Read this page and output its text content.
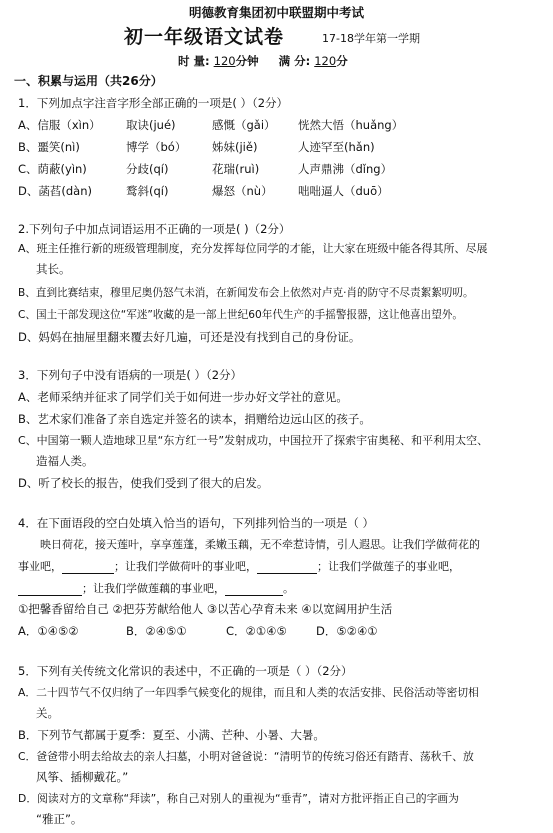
明德教育集团初中联盟期中考试
初一年级语文试卷	17-18学年第一学期
时 量: 120分钟 满 分: 120分
一、积累与运用（共26分）
1．下列加点字注音字形全部正确的一项是( ）（2分）
A、信服（xìn） 取诀(jué)	感慨（gǎi） 恍然大悟（huǎng）
B、噩笑(nì)	博学（bó） 姊妹(jiě)	人迹罕至(hǎn)
C、荫蔽(yìn)	分歧(qí)	花瑞(ruì)	人声鼎沸（dǐng）
D、菡萏(dàn)	鹜斜(qí)	爆怒（nù） 咄咄逼人（duō）
2.下列句子中加点词语运用不正确的一项是( )（2分）
A、班主任推行新的班级管理制度，充分发挥每位同学的才能，让大家在班级中能各得其所、尽展
其长。
B、直到比赛结束，穆里尼奥仍怒气未消，在新闻发布会上依然对卢克·肖的防守不尽责絮絮叨叨。
C、国土干部发现这位“军迷”收藏的是一部上世纪60年代生产的手摇警报器，这让他喜出望外。
D、妈妈在抽屉里翻来覆去好几遍，可还是没有找到自己的身份证。
3．下列句子中没有语病的一项是( ）（2分）
A、老师采纳并征求了同学们关于如何进一步办好文学社的意见。
B、艺术家们准备了亲自选定并签名的读本，捐赠给边远山区的孩子。
C、中国第一颗人造地球卫星“东方红一号”发射成功，中国拉开了探索宇宙奥秘、和平利用太空、
造福人类。
D、听了校长的报告，使我们受到了很大的启发。
4．在下面语段的空白处填入恰当的语句，下列排列恰当的一项是（ ）
映日荷花，接天莲叶，享享莲蓬，柔嫩玉藕，无不牵惹诗情，引人遐思。让我们学做荷花的
事业吧，	；让我们学做荷叶的事业吧，	；让我们学做莲子的事业吧，
；让我们学做莲藕的事业吧，	。
①把馨香留给自己 ②把芬芳献给他人 ③以苦心孕育未来 ④以宽阔用护生活
A．①④⑤②	B．②④⑤①	C．②①④⑤	D．⑤②④①
5．下列有关传统文化常识的表述中，不正确的一项是（ ）（2分）
A．二十四节气不仅归纳了一年四季气候变化的规律，而且和人类的农活安排、民俗活动等密切相
关。
B．下列节气都属于夏季：夏至、小满、芒种、小暑、大暑。
C．爸爸带小明去给故去的亲人扫墓，小明对爸爸说：“清明节的传统习俗还有踏青、荡秋千、放
风筝、插柳戴花。”
D．阅读对方的文章称“拜读”，称自己对别人的重视为“垂青”，请对方批评指正自己的字画为
“雅正”。
